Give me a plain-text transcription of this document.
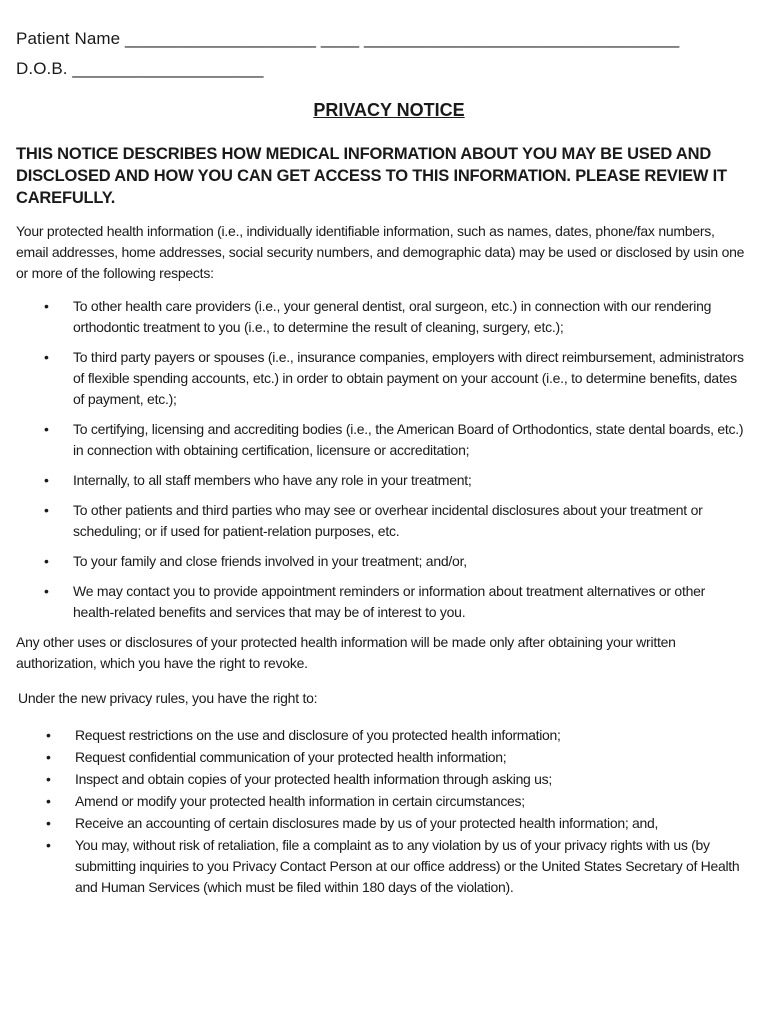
Patient Name ____________________ ____ _________________________________
D.O.B. ____________________
PRIVACY NOTICE
THIS NOTICE DESCRIBES HOW MEDICAL INFORMATION ABOUT YOU MAY BE USED AND DISCLOSED AND HOW YOU CAN GET ACCESS TO THIS INFORMATION. PLEASE REVIEW IT CAREFULLY.
Your protected health information (i.e., individually identifiable information, such as names, dates, phone/fax numbers, email addresses, home addresses, social security numbers, and demographic data) may be used or disclosed by usin one or more of the following respects:
• To other health care providers (i.e., your general dentist, oral surgeon, etc.) in connection with our rendering orthodontic treatment to you (i.e., to determine the result of cleaning, surgery, etc.);
• To third party payers or spouses (i.e., insurance companies, employers with direct reimbursement, administrators of flexible spending accounts, etc.) in order to obtain payment on your account (i.e., to determine benefits, dates of payment, etc.);
• To certifying, licensing and accrediting bodies (i.e., the American Board of Orthodontics, state dental boards, etc.) in connection with obtaining certification, licensure or accreditation;
• Internally, to all staff members who have any role in your treatment;
• To other patients and third parties who may see or overhear incidental disclosures about your treatment or scheduling; or if used for patient-relation purposes, etc.
• To your family and close friends involved in your treatment; and/or,
• We may contact you to provide appointment reminders or information about treatment alternatives or other health-related benefits and services that may be of interest to you.
Any other uses or disclosures of your protected health information will be made only after obtaining your written authorization, which you have the right to revoke.
Under the new privacy rules, you have the right to:
• Request restrictions on the use and disclosure of you protected health information;
• Request confidential communication of your protected health information;
• Inspect and obtain copies of your protected health information through asking us;
• Amend or modify your protected health information in certain circumstances;
• Receive an accounting of certain disclosures made by us of your protected health information; and,
• You may, without risk of retaliation, file a complaint as to any violation by us of your privacy rights with us (by submitting inquiries to you Privacy Contact Person at our office address) or the United States Secretary of Health and Human Services (which must be filed within 180 days of the violation).
